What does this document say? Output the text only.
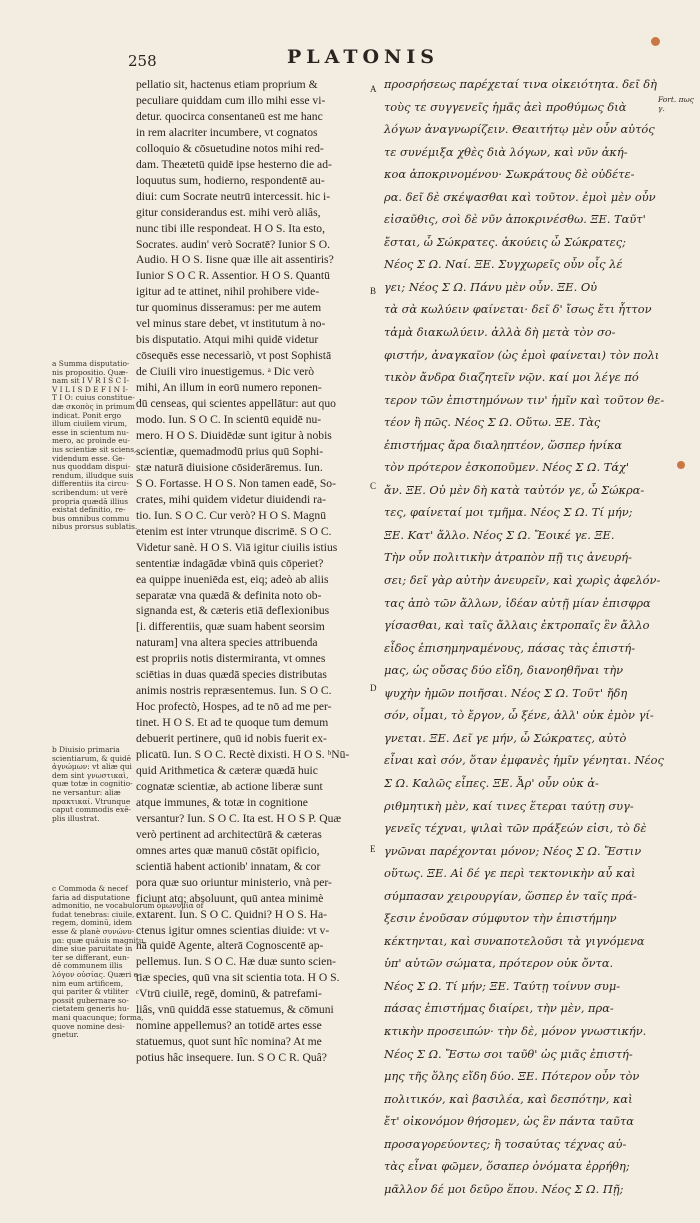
258	PLATONIS
Fort. πως γ.
A
B
C
D
E
a Summa disputatio-
nis propositio. Quæ-
nam sit I V R I S C I-
V I L I S D E F I N I-
T I O: cuius constitue-
dæ σκοπὸς in primum
indicat. Ponit ergo
illum ciuilem virum,
esse in scientum nu-
mero, ac proinde eu-
ius scientiæ sit sciens,
videndum esse. Ge-
nus quoddam dispui-
rendum, illudque suis
differentiis ita circu-
scribendum: ut verè
propria quædā illius
existat definitio, re-
bus omnibus commu
nibus prorsus sublatis.
b Diuisio primaria
scientiarum, & quidē
ἀγνώμων: vt aliæ qui
dem sint γνωστικαὶ,
quæ totæ in cognitio-
ne versantur: aliæ
πρακτικαί. Vtrunque
caput commodis exē-
plis illustrat.
c Commoda & necef
faria ad disputatione
admonitio, ne vocabulorum ὁμωνυμία of
fudat tenebras: ciuile,
regem, dominū, idem
esse & planè συνώνυ-
μα: quæ quāuis magnitu
dine siue paruitate in
ter se differant, eun-
dē communem illis
λόγον οὐσίας. Quæri e-
nim eum artificem,
qui pariter & vtiliter
possit gubernare so-
cietatem generis hu-
mani quacunque; forma,
quove nomine desi-
gnetur.
pellatio sit, hactenus etiam proprium &
peculiare quiddam cum illo mihi esse vi-
detur. quocirca consentaneū est me hanc
in rem alacriter incumbere, vt cognatos
colloquio & cōsuetudine notos mihi red-
dam. Theætetū quidē ipse hesterno die ad-
loquutus sum, hodierno, respondentē au-
diui: cum Socrate neutrū intercessit. hic i-
gitur considerandus est. mihi verò aliâs,
nunc tibi ille respondeat. H O S. Ita esto,
Socrates. audin' verò Socratē? Iunior S O.
Audio. H O S. Iisne quæ ille ait assentiris?
Iunior S O C R. Assentior. H O S. Quantū
igitur ad te attinet, nihil prohibere vide-
tur quominus disseramus: per me autem
vel minus stare debet, vt institutum à no-
bis disputatio. Atqui mihi quidē videtur
cōsequēs esse necessariò, vt post Sophistā
de Ciuili viro inuestigemus. ᵃ Dic verò
mihi, An illum in eorū numero reponen-
dū censeas, qui scientes appellātur: aut quo
modo. Iun. S O C. In scientū equidē nu-
mero. H O S. Diuidēdæ sunt igitur à nobis
scientiæ, quemadmodū prius quū Sophi-
stæ naturā diuisione cōsiderāremus. Iun.
S O. Fortasse. H O S. Non tamen eadē, So-
crates, mihi quidem videtur diuidendi ra-
tio. Iun. S O C. Cur verò? H O S. Magnū
etenim est inter vtrunque discrimē. S O C.
Videtur sanè. H O S. Viā igitur ciuilis istius
sententiæ indagādæ vbinā quis cōperiet?
ea quippe inueniēda est, eiq; adeò ab aliis
separatæ vna quædā & definita noto ob-
signanda est, & cæteris etiā deflexionibus
[i. differentiis, quæ suam habent seorsim
naturam] vna altera species attribuenda
est propriis notis distermiranta, vt omnes
sciētias in duas quædā species distributas
animis nostris repræsentemus. Iun. S O C.
Hoc profectò, Hospes, ad te nō ad me per-
tinet. H O S. Et ad te quoque tum demum
debuerit pertinere, quū id nobis fuerit ex-
plicatū. Iun. S O C. Rectè dixisti. H O S. ᵇNū-
quid Arithmetica & cæteræ quædā huic
cognatæ scientiæ, ab actione liberæ sunt
atque immunes, & totæ in cognitione
versantur? Iun. S O C. Ita est. H O S P. Quæ
verò pertinent ad architectūrā & cæteras
omnes artes quæ manuū cōstāt opificio,
scientiā habent actionib' innatam, & cor
pora quæ suo oriuntur ministerio, vnà per-
ficiunt atq; absoluunt, quū antea minimè
extarent. Iun. S O C. Quidni? H O S. Ha-
ctenus igitur omnes scientias diuide: vt v-
nā quidē Agente, alterā Cognoscentē ap-
pellemus. Iun. S O C. Hæ duæ sunto scien-
tiæ species, quū vna sit scientia tota. H O S.
ᶜVtrū ciuilē, regē, dominū, & patrefami-
liâs, vnū quiddā esse statuemus, & cōmuni
nomine appellemus? an totidē artes esse
statuemus, quot sunt hîc nomina? At me
potius hâc insequere. Iun. S O C R. Quâ?
προσρήσεως παρέχεταί τινα οἰκειότητα. δεῖ δὴ
τοὺς τε συγγενεῖς ἡμᾶς ἀεὶ προθύμως διὰ
λόγων ἀναγνωρίζειν. Θεαιτήτῳ μὲν οὖν αὐτός
τε συνέμιξα χθὲς διὰ λόγων, καὶ νῦν ἀκή-
κοα ἀποκρινομένου· Σωκράτους δὲ οὐδέτε-
ρα. δεῖ δὲ σκέψασθαι καὶ τοῦτον. ἐμοὶ μὲν οὖν
εἰσαῦθις, σοὶ δὲ νῦν ἀποκρινέσθω. ΞΕ. Ταῦτ'
ἔσται, ὦ Σώκρατες. ἀκούεις ὦ Σώκρατες;
Νέος Σ Ω. Ναί. ΞΕ. Συγχωρεῖς οὖν οἷς λέ
γει; Νέος Σ Ω. Πάνυ μὲν οὖν. ΞΕ. Οὐ
τὰ σὰ κωλύειν φαίνεται· δεῖ δ' ἴσως ἔτι ἧττον
τἀμὰ διακωλύειν. ἀλλὰ δὴ μετὰ τὸν σο-
φιστήν, ἀναγκαῖον (ὡς ἐμοὶ φαίνεται) τὸν πολι
τικὸν ἄνδρα διαζητεῖν νῷν. καί μοι λέγε πό
τερον τῶν ἐπιστημόνων τιν' ἡμῖν καὶ τοῦτον θε-
τέον ἢ πῶς. Νέος Σ Ω. Οὕτω. ΞΕ. Τὰς
ἐπιστήμας ἄρα διαληπτέον, ὥσπερ ἡνίκα
τὸν πρότερον ἐσκοποῦμεν. Νέος Σ Ω. Τάχ'
ἄν. ΞΕ. Οὐ μὲν δὴ κατὰ ταὐτόν γε, ὦ Σώκρα-
τες, φαίνεταί μοι τμῆμα. Νέος Σ Ω. Τί μήν;
ΞΕ. Κατ' ἄλλο. Νέος Σ Ω. Ἔοικέ γε. ΞΕ.
Τὴν οὖν πολιτικὴν ἀτραπὸν πῇ τις ἀνευρή-
σει; δεῖ γὰρ αὐτὴν ἀνευρεῖν, καὶ χωρὶς ἀφελόν-
τας ἀπὸ τῶν ἄλλων, ἰδέαν αὐτῇ μίαν ἐπισφρα
γίσασθαι, καὶ ταῖς ἄλλαις ἐκτροπαῖς ἓν ἄλλο
εἶδος ἐπισημηναμένους, πάσας τὰς ἐπιστή-
μας, ὡς οὔσας δύο εἴδη, διανοηθῆναι τὴν
ψυχὴν ἡμῶν ποιῆσαι. Νέος Σ Ω. Τοῦτ' ἤδη
σόν, οἶμαι, τὸ ἔργον, ὦ ξένε, ἀλλ' οὐκ ἐμὸν γί-
γνεται. ΞΕ. Δεῖ γε μήν, ὦ Σώκρατες, αὐτὸ
εἶναι καὶ σόν, ὅταν ἐμφανὲς ἡμῖν γένηται. Νέος
Σ Ω. Καλῶς εἶπες. ΞΕ. Ἆρ' οὖν οὐκ ἀ-
ριθμητικὴ μὲν, καί τινες ἕτεραι ταύτῃ συγ-
γενεῖς τέχναι, ψιλαὶ τῶν πράξεών εἰσι, τὸ δὲ
γνῶναι παρέχονται μόνον; Νέος Σ Ω. Ἔστιν
οὕτως. ΞΕ. Αἱ δέ γε περὶ τεκτονικὴν αὖ καὶ
σύμπασαν χειρουργίαν, ὥσπερ ἐν ταῖς πρά-
ξεσιν ἐνοῦσαν σύμφυτον τὴν ἐπιστήμην
κέκτηνται, καὶ συναποτελοῦσι τὰ γιγνόμενα
ὑπ' αὐτῶν σώματα, πρότερον οὐκ ὄντα.
Νέος Σ Ω. Τί μήν; ΞΕ. Ταύτῃ τοίνυν συμ-
πάσας ἐπιστήμας διαίρει, τὴν μὲν, πρα-
κτικὴν προσειπών· τὴν δὲ, μόνον γνωστικήν.
Νέος Σ Ω. Ἔστω σοι ταῦθ' ὡς μιᾶς ἐπιστή-
μης τῆς ὅλης εἴδη δύο. ΞΕ. Πότερον οὖν τὸν
πολιτικόν, καὶ βασιλέα, καὶ δεσπότην, καὶ
ἔτ' οἰκονόμον θήσομεν, ὡς ἓν πάντα ταῦτα
προσαγορεύοντες; ἢ τοσαύτας τέχνας αὐ-
τὰς εἶναι φῶμεν, ὅσαπερ ὀνόματα ἐρρήθη;
μᾶλλον δέ μοι δεῦρο ἕπου. Νέος Σ Ω. Πῇ;
